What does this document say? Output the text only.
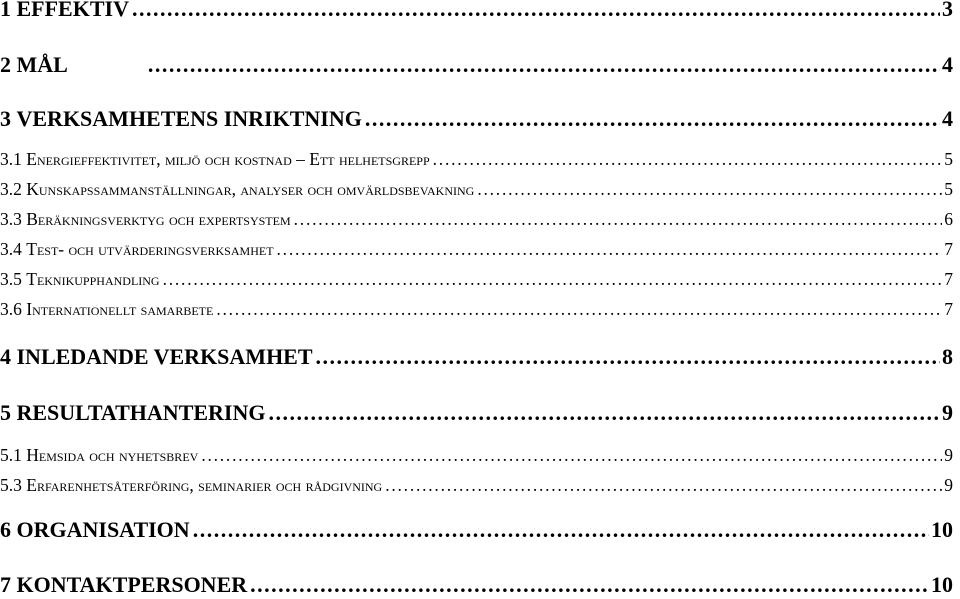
1
EFFEKTIV . . .	3
2
MÅL . . .	4
3
VERKSAMHETENS INRIKTNING . . .	4
3.1
Energieffektivitet, miljö och kostnad – Ett helhetsgrepp . . .	5
3.2
Kunskapssammanställningar, analyser och omvärldsbevakning . . .	5
3.3
Beräkningsverktyg och expertsystem . . .	6
3.4
Test- och utvärderingsverksamhet . . .	7
3.5
Teknikupphandling . . .	7
3.6
Internationellt samarbete . . .	7
4
INLEDANDE VERKSAMHET . . .	8
5
RESULTATHANTERING . . .	9
5.1
Hemsida och nyhetsbrev . . .	9
5.3
Erfarenhetsåterföring, seminarier och rådgivning . . .	9
6
ORGANISATION . . .	10
7
KONTAKTPERSONER . . .	10
